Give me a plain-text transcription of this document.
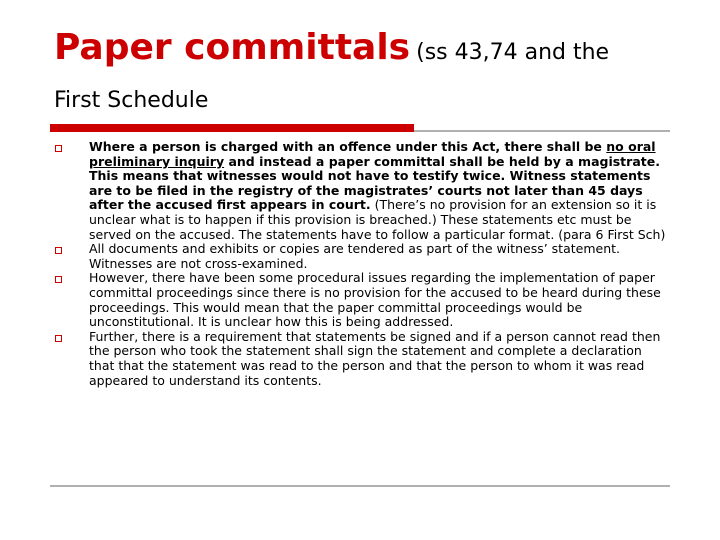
Paper committals (ss 43,74 and the
First Schedule
Where a person is charged with an offence under this Act, there shall be no oral preliminary inquiry and instead a paper committal shall be held by a magistrate. This means that witnesses would not have to testify twice. Witness statements are to be filed in the registry of the magistrates’ courts not later than 45 days after the accused first appears in court. (There’s no provision for an extension so it is unclear what is to happen if this provision is breached.) These statements etc must be served on the accused. The statements have to follow a particular format. (para 6 First Sch)
All documents and exhibits or copies are tendered as part of the witness’ statement. Witnesses are not cross-examined.
However, there have been some procedural issues regarding the implementation of paper committal proceedings since there is no provision for the accused to be heard during these proceedings. This would mean that the paper committal proceedings would be unconstitutional. It is unclear how this is being addressed.
Further, there is a requirement that statements be signed and if a person cannot read then the person who took the statement shall sign the statement and complete a declaration that that the statement was read to the person and that the person to whom it was read appeared to understand its contents.
